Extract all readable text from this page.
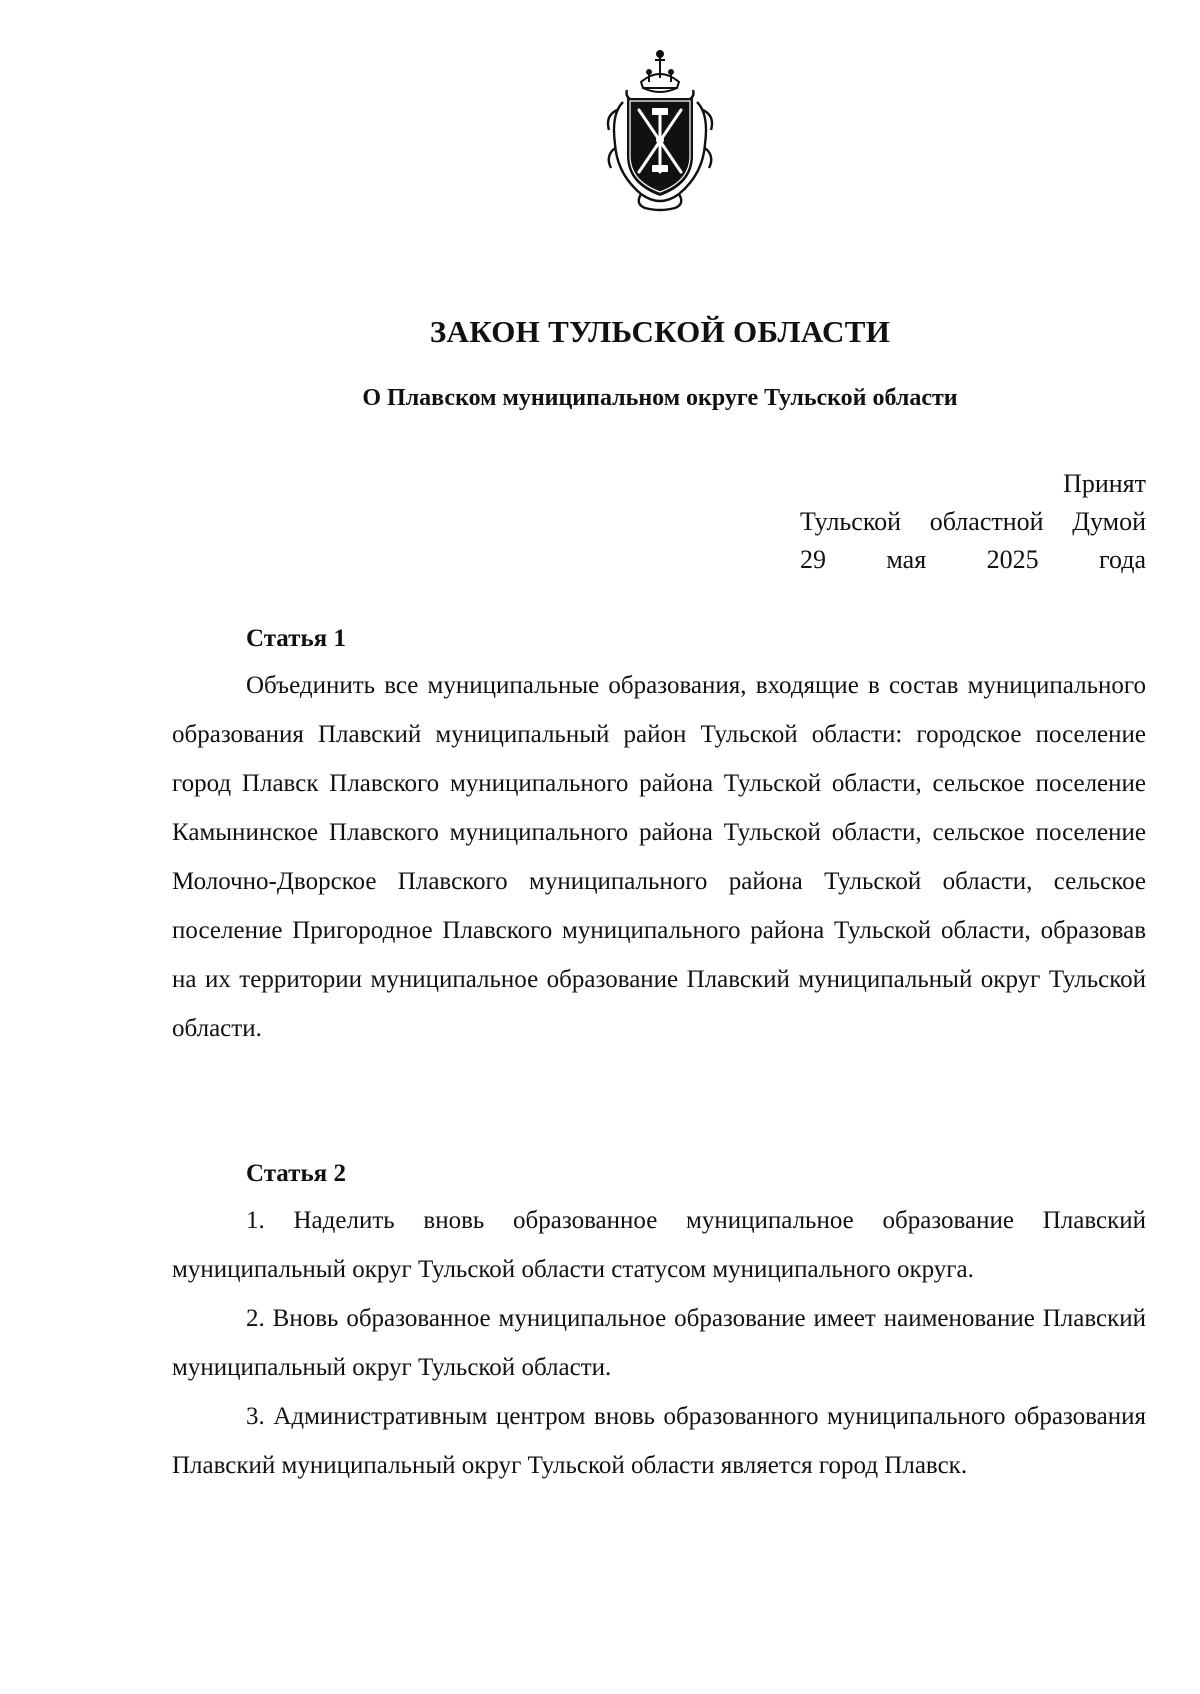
ЗАКОН ТУЛЬСКОЙ ОБЛАСТИ
О Плавском муниципальном округе Тульской области
Принят
Тульской областной Думой
29 мая 2025 года
Статья 1

Объединить все муниципальные образования, входящие в состав муниципального образования Плавский муниципальный район Тульской области: городское поселение город Плавск Плавского муниципального района Тульской области, сельское поселение Камынинское Плавского муниципального района Тульской области, сельское поселение Молочно-Дворское Плавского муниципального района Тульской области, сельское поселение Пригородное Плавского муниципального района Тульской области, образовав на их территории муниципальное образование Плавский муниципальный округ Тульской области.

Статья 2

1. Наделить вновь образованное муниципальное образование Плавский муниципальный округ Тульской области статусом муниципального округа.

2. Вновь образованное муниципальное образование имеет наименование Плавский муниципальный округ Тульской области.

3. Административным центром вновь образованного муниципального образования Плавский муниципальный округ Тульской области является город Плавск.
